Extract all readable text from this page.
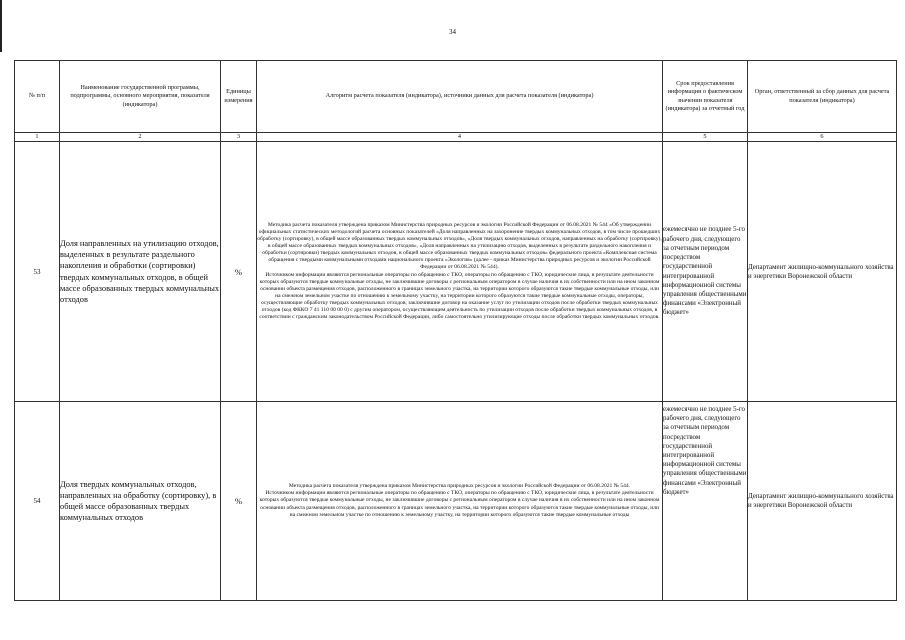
34
№ п/п	Наименование государственной программы, подпрограммы, основного мероприятия, показателя (индикатора)	Единицы измерения	Алгоритм расчета показателя (индикатора), источники данных для расчета показателя (индикатора)	Срок предоставления информации о фактическом значении показателя (индикатора) за отчетный год	Орган, ответственный за сбор данных для расчета показателя (индикатора)
1	2	3	4	5	6
53	Доля направленных на утилизацию отходов, выделенных в результате раздельного накопления и обработки (сортировки) твердых коммунальных отходов, в общей массе образованных твердых коммунальных отходов	%	Методика расчета показателя утверждена приказом Министерства природных ресурсов и экологии Российской Федерации от 06.08.2021 № 544 «Об утверждении официальных статистических методологий расчета основных показателей «Доля направленных на захоронение твердых коммунальных отходов, в том числе прошедших обработку (сортировку), в общей массе образованных твердых коммунальных отходов», «Доля твердых коммунальных отходов, направленных на обработку (сортировку), в общей массе образованных твердых коммунальных отходов», «Доля направленных на утилизацию отходов, выделенных в результате раздельного накопления и обработки (сортировки) твердых коммунальных отходов, в общей массе образованных твердых коммунальных отходов» федерального проекта «Комплексная система обращения с твердыми коммунальными отходами национального проекта «Экология» (далее - приказ Министерства природных ресурсов и экологии Российской Федерации от 06.08.2021 № 544).

Источником информации являются региональные операторы по обращению с ТКО, операторы по обращению с ТКО, юридические лица, в результате деятельности которых образуются твердые коммунальные отходы, не заключившие договоры с региональным оператором в случае наличия в их собственности или на ином законном основании объекта размещения отходов, расположенного в границах земельного участка, на территории которого образуются такие твердые коммунальные отходы, или на смежном земельном участке по отношению к земельному участку, на территории которого образуются такие твердые коммунальные отходы, операторы, осуществляющие обработку твердых коммунальных отходов, заключившие договор на оказание услуг по утилизации отходов после обработки твердых коммунальных отходов (код ФККО 7 41 110 00 00 0) с другим оператором, осуществляющим деятельность по утилизации отходов после обработки твердых коммунальных отходов, в соответствии с гражданским законодательством Российской Федерации, либо самостоятельно утилизирующие отходы после обработки твердых коммунальных отходов.	ежемесячно не позднее 5-го рабочего дня, следующего за отчетным периодом посредством государственной интегрированной информационной системы управления общественными финансами «Электронный бюджет»	Департамент жилищно-коммунального хозяйства и энергетики Воронежской области
54	Доля твердых коммунальных отходов, направленных на обработку (сортировку), в общей массе образованных твердых коммунальных отходов	%	Методика расчета показателя утверждена приказом Министерства природных ресурсов и экологии Российской Федерации от 06.08.2021 № 544.

Источником информации являются региональные операторы по обращению с ТКО, операторы по обращению с ТКО, юридические лица, в результате деятельности которых образуются твердые коммунальные отходы, не заключившие договоры с региональным оператором в случае наличия в их собственности или на ином законном основании объекта размещения отходов, расположенного в границах земельного участка, на территории которого образуются такие твердые коммунальные отходы, или на смежном земельном участке по отношению к земельному участку, на территории которого образуются такие твердые коммунальные отходы	ежемесячно не позднее 5-го рабочего дня, следующего за отчетным периодом посредством государственной интегрированной информационной системы управления общественными финансами «Электронный бюджет»	Департамент жилищно-коммунального хозяйства и энергетики Воронежской области
